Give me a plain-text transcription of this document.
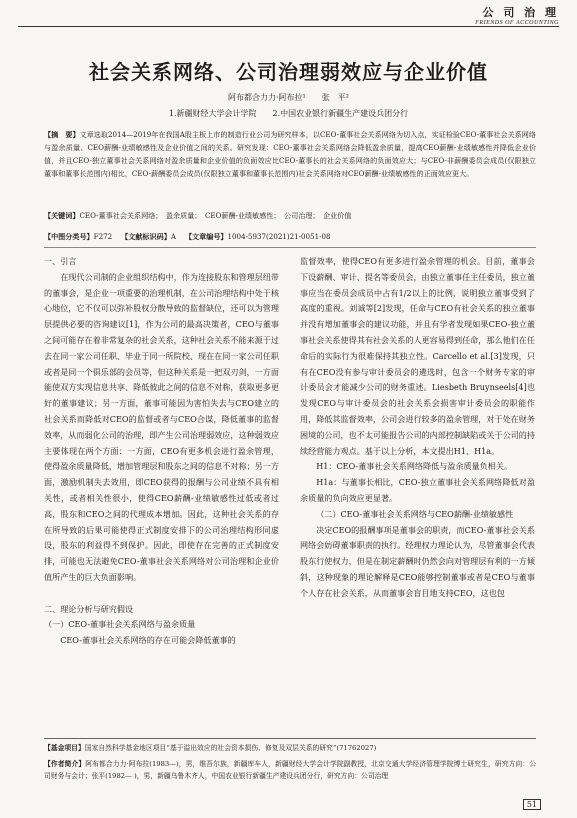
公 司 治 理
FRIENDS OF ACCOUNTING
社会关系网络、公司治理弱效应与企业价值
阿布都合力力·阿布拉¹　　张　平²
1.新疆财经大学会计学院　　2.中国农业银行新疆生产建设兵团分行
【摘　要】文章选取2014—2019年在我国A股主板上市的制造行业公司为研究样本，以CEO-董事社会关系网络为切入点，实证检验CEO-董事社会关系网络与盈余质量、CEO薪酬-业绩敏感性及企业价值之间的关系。研究发现：CEO-董事社会关系网络会降低盈余质量，提高CEO薪酬-业绩敏感性并降低企业价值，并且CEO-独立董事社会关系网络对盈余质量和企业价值的负面效应比CEO-董事长的社会关系网络的负面效应大；与CEO-非薪酬委员会成员(仅限独立董事和董事长范围内)相比，CEO-薪酬委员会成员(仅限独立董事和董事长范围内)社会关系网络对CEO薪酬-业绩敏感性的正面效应更大。
【关键词】CEO-董事社会关系网络；　盈余质量；　CEO薪酬-业绩敏感性；　公司治理；　企业价值
【中图分类号】F272 【文献标识码】A 【文章编号】1004-5937(2021)21-0051-08

一、引言

在现代公司制的企业组织结构中，作为连接股东和管理层纽带的董事会，是企业一项重要的治理机制，在公司治理结构中处于核心地位，它不仅可以弥补股权分散导致的监督缺位，还可以为管理层提供必要的咨询建议[1]，作为公司的最高决策者，CEO与董事之间可能存在着非常复杂的社会关系，这种社会关系不能来源于过去在同一家公司任职、毕业于同一所院校、现在在同一家公司任职或者是同一个俱乐部的会员等，但这种关系是一把双刃剑，一方面能使双方实现信息共享、降低彼此之间的信息不对称，获取更多更好的董事建议；另一方面，董事可能因为害怕失去与CEO建立的社会关系而降低对CEO的监督或者与CEO合谋，降低董事的监督效率，从而弱化公司的治理，即产生公司治理弱效应，这种弱效应主要体现在两个方面：一方面，CEO有更多机会进行盈余管理，使得盈余质量降低，增加管理层和股东之间的信息不对称；另一方面，激励机制失去效用，即CEO获得的报酬与公司业绩不具有相关性，或者相关性很小，使得CEO薪酬-业绩敏感性过低或者过高，股东和CEO之间的代理成本增加。因此，这种社会关系的存在所导致的后果可能使得正式制度安排下的公司治理结构形同虚设，股东的利益得不到保护。因此，即使存在完善的正式制度安排，可能也无法避免CEO-董事社会关系网络对公司治理和企业价值所产生的巨大负面影响。

二、理论分析与研究假设

（一）CEO-董事社会关系网络与盈余质量

CEO-董事社会关系网络的存在可能会降低董事的

监督效率，使得CEO有更多进行盈余管理的机会。目前，董事会下设薪酬、审计、提名等委员会，由独立董事任主任委员，独立董事应当在委员会成员中占有1/2以上的比例，说明独立董事受到了高度的重视。刘诚等[2]发现，任命与CEO有社会关系的独立董事并没有增加董事会的建议功能，并且有学者发现如果CEO-独立董事社会关系使得其有社会关系的人更容易得到任命，那么他们在任命后的实际行为很难保持其独立性。Carcello et al.[3]发现，只有在CEO没有参与审计委员会的遴选时，包含一个财务专家的审计委员会才能减少公司的财务重述。Liesbeth Bruynseels[4]也发现CEO与审计委员会的社会关系会损害审计委员会的职能作用，降低其监督效率，公司会进行较多的盈余管理，对于处在财务困境的公司，也不太可能报告公司的内部控制缺陷或关于公司的持续经营能力观点。基于以上分析，本文提出H1、H1a。

H1：CEO-董事社会关系网络降低与盈余质量负相关。

H1a：与董事长相比，CEO-独立董事社会关系网络降低对盈余质量的负向效应更显著。

（二）CEO-董事社会关系网络与CEO薪酬-业绩敏感性

决定CEO的报酬事项是董事会的职责，而CEO-董事社会关系网络会妨碍董事职责的执行。经理权力理论认为，尽管董事会代表股东行使权力，但是在制定薪酬时仍然会向对管理层有利的一方倾斜，这种现象的理论解释是CEO能够控制董事或者是CEO与董事个人存在社会关系，从而董事会盲目地支持CEO，这也包

【基金项目】国家自然科学基金地区项目“基于溢出效应的社会资本损伤、修复及双层关系的研究”(71762027)
【作者简介】阿布都合力力·阿布拉(1983—)，男，维吾尔族，新疆库车人，新疆财经大学会计学院副教授，北京交通大学经济管理学院博士研究生，研究方向：公司财务与会计；张平(1982— )，男，新疆乌鲁木齐人，中国农业银行新疆生产建设兵团分行，研究方向：公司治理
51
